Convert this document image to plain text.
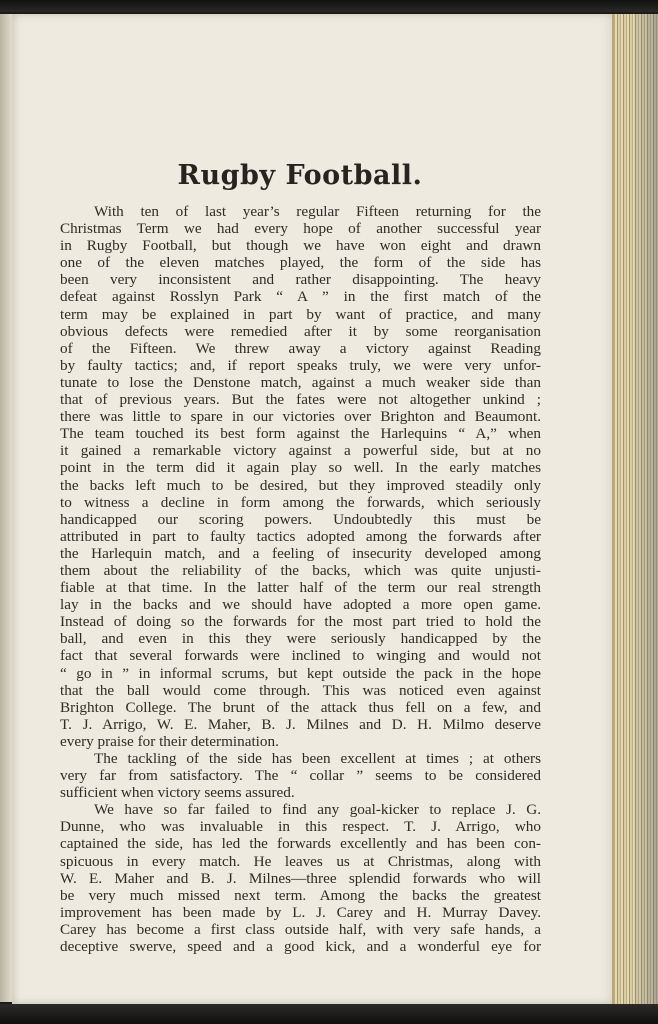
Rugby Football.
With ten of last year’s regular Fifteen returning for the
Christmas Term we had every hope of another successful year
in Rugby Football, but though we have won eight and drawn
one of the eleven matches played, the form of the side has
been very inconsistent and rather disappointing. The heavy
defeat against Rosslyn Park “ A ” in the first match of the
term may be explained in part by want of practice, and many
obvious defects were remedied after it by some reorganisation
of the Fifteen. We threw away a victory against Reading
by faulty tactics; and, if report speaks truly, we were very unfor-
tunate to lose the Denstone match, against a much weaker side than
that of previous years. But the fates were not altogether unkind ;
there was little to spare in our victories over Brighton and Beaumont.
The team touched its best form against the Harlequins “ A,” when
it gained a remarkable victory against a powerful side, but at no
point in the term did it again play so well. In the early matches
the backs left much to be desired, but they improved steadily only
to witness a decline in form among the forwards, which seriously
handicapped our scoring powers. Undoubtedly this must be
attributed in part to faulty tactics adopted among the forwards after
the Harlequin match, and a feeling of insecurity developed among
them about the reliability of the backs, which was quite unjusti-
fiable at that time. In the latter half of the term our real strength
lay in the backs and we should have adopted a more open game.
Instead of doing so the forwards for the most part tried to hold the
ball, and even in this they were seriously handicapped by the
fact that several forwards were inclined to winging and would not
“ go in ” in informal scrums, but kept outside the pack in the hope
that the ball would come through. This was noticed even against
Brighton College. The brunt of the attack thus fell on a few, and
T. J. Arrigo, W. E. Maher, B. J. Milnes and D. H. Milmo deserve
every praise for their determination.
The tackling of the side has been excellent at times ; at others
very far from satisfactory. The “ collar ” seems to be considered
sufficient when victory seems assured.
We have so far failed to find any goal-kicker to replace J. G.
Dunne, who was invaluable in this respect. T. J. Arrigo, who
captained the side, has led the forwards excellently and has been con-
spicuous in every match. He leaves us at Christmas, along with
W. E. Maher and B. J. Milnes—three splendid forwards who will
be very much missed next term. Among the backs the greatest
improvement has been made by L. J. Carey and H. Murray Davey.
Carey has become a first class outside half, with very safe hands, a
deceptive swerve, speed and a good kick, and a wonderful eye for
